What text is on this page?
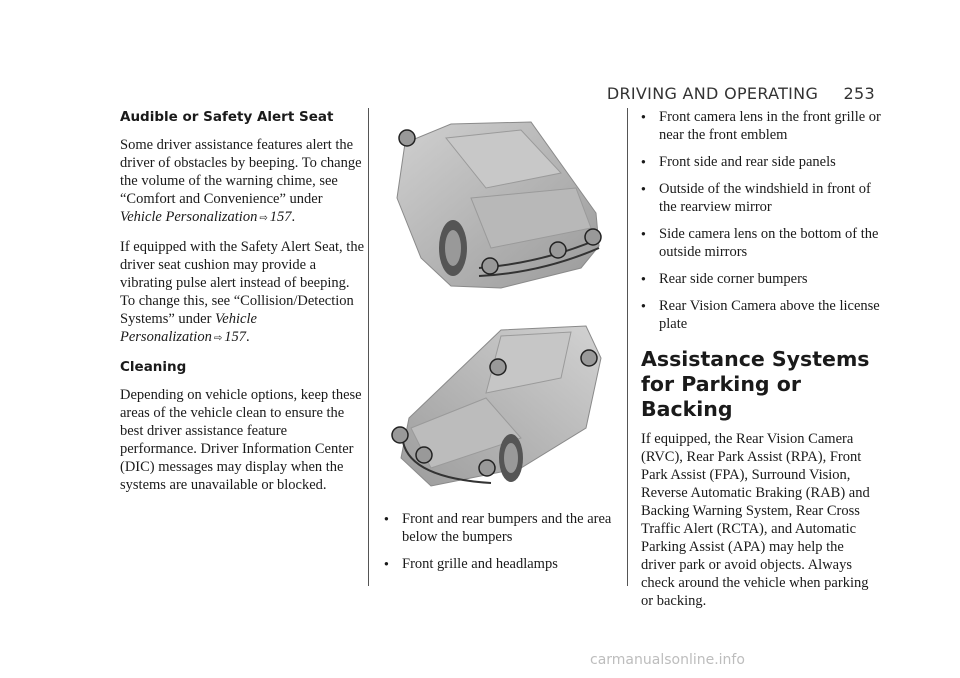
DRIVING AND OPERATING 253
Audible or Safety Alert Seat

Some driver assistance features alert the driver of obstacles by beeping. To change the volume of the warning chime, see “Comfort and Convenience” under Vehicle Personalization ⇨ 157.

If equipped with the Safety Alert Seat, the driver seat cushion may provide a vibrating pulse alert instead of beeping. To change this, see “Collision/Detection Systems” under Vehicle Personalization ⇨ 157.

Cleaning

Depending on vehicle options, keep these areas of the vehicle clean to ensure the best driver assistance feature performance. Driver Information Center (DIC) messages may display when the systems are unavailable or blocked.

● Front and rear bumpers and the area below the bumpers
● Front grille and headlamps
● Front camera lens in the front grille or near the front emblem
● Front side and rear side panels
● Outside of the windshield in front of the rearview mirror
● Side camera lens on the bottom of the outside mirrors
● Rear side corner bumpers
● Rear Vision Camera above the license plate
Assistance Systems for Parking or Backing

If equipped, the Rear Vision Camera (RVC), Rear Park Assist (RPA), Front Park Assist (FPA), Surround Vision, Reverse Automatic Braking (RAB) and Backing Warning System, Rear Cross Traffic Alert (RCTA), and Automatic Parking Assist (APA) may help the driver park or avoid objects. Always check around the vehicle when parking or backing.

carmanualsonline.info
